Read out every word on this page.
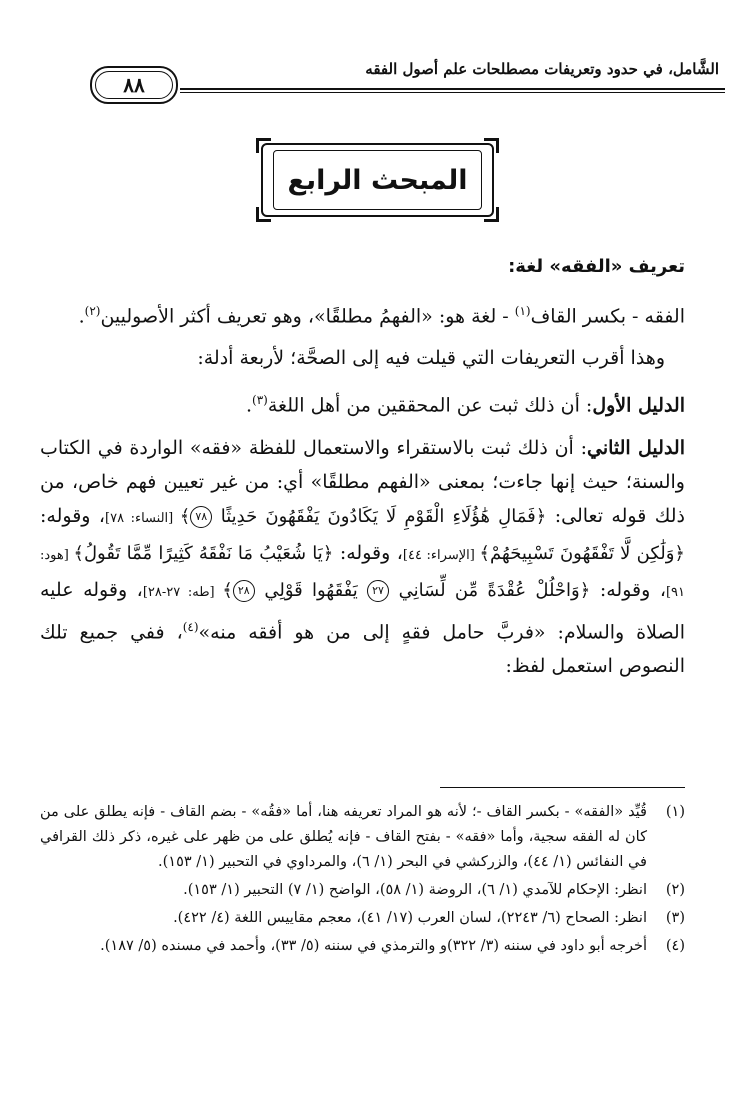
الشَّامل، في حدود وتعريفات مصطلحات علم أصول الفقه
٨٨
المبحث الرابع
تعريف «الفقه» لغة:

الفقه - بكسر القاف$^{(١)}$ - لغة هو: «الفهمُ مطلقًا»، وهو تعريف أكثر الأصوليين$^{(٢)}$.

وهذا أقرب التعريفات التي قيلت فيه إلى الصحَّة؛ لأربعة أدلة:

الدليل الأول: أن ذلك ثبت عن المحققين من أهل اللغة$^{(٣)}$.

الدليل الثاني: أن ذلك ثبت بالاستقراء والاستعمال للفظة «فقه» الواردة في الكتاب والسنة؛ حيث إنها جاءت؛ بمعنى «الفهم مطلقًا» أي: من غير تعيين فهم خاص، من ذلك قوله تعالى: ﴿فَمَالِ هَٰؤُلَاءِ الْقَوْمِ لَا يَكَادُونَ يَفْقَهُونَ حَدِيثًا ٧٨﴾ [النساء: ٧٨]، وقوله: ﴿وَلَٰكِن لَّا تَفْقَهُونَ تَسْبِيحَهُمْ﴾ [الإسراء: ٤٤]، وقوله: ﴿يَا شُعَيْبُ مَا نَفْقَهُ كَثِيرًا مِّمَّا تَقُولُ﴾ [هود: ٩١]، وقوله: ﴿وَاحْلُلْ عُقْدَةً مِّن لِّسَانِي ٢٧ يَفْقَهُوا قَوْلِي ٢٨﴾ [طه: ٢٧-٢٨]، وقوله عليه الصلاة والسلام: «فربَّ حامل فقهٍ إلى من هو أفقه منه»$^{(٤)}$، ففي جميع تلك النصوص استعمل لفظ:

(١)
قُيِّد «الفقه» - بكسر القاف -؛ لأنه هو المراد تعريفه هنا، أما «فقُه» - بضم القاف - فإنه يطلق على من كان له الفقه سجية، وأما «فقه» - بفتح القاف - فإنه يُطلق على من ظهر على غيره، ذكر ذلك القرافي في النفائس (١/ ٤٤)، والزركشي في البحر (١/ ٦)، والمرداوي في التحبير (١/ ١٥٣).

(٢)
انظر: الإحكام للآمدي (١/ ٦)، الروضة (١/ ٥٨)، الواضح (١/ ٧) التحبير (١/ ١٥٣).

(٣)
انظر: الصحاح (٦/ ٢٢٤٣)، لسان العرب (١٧/ ٤١)، معجم مقاييس اللغة (٤/ ٤٢٢).

(٤)
أخرجه أبو داود في سننه (٣/ ٣٢٢)و والترمذي في سننه (٥/ ٣٣)، وأحمد في مسنده (٥/ ١٨٧).
